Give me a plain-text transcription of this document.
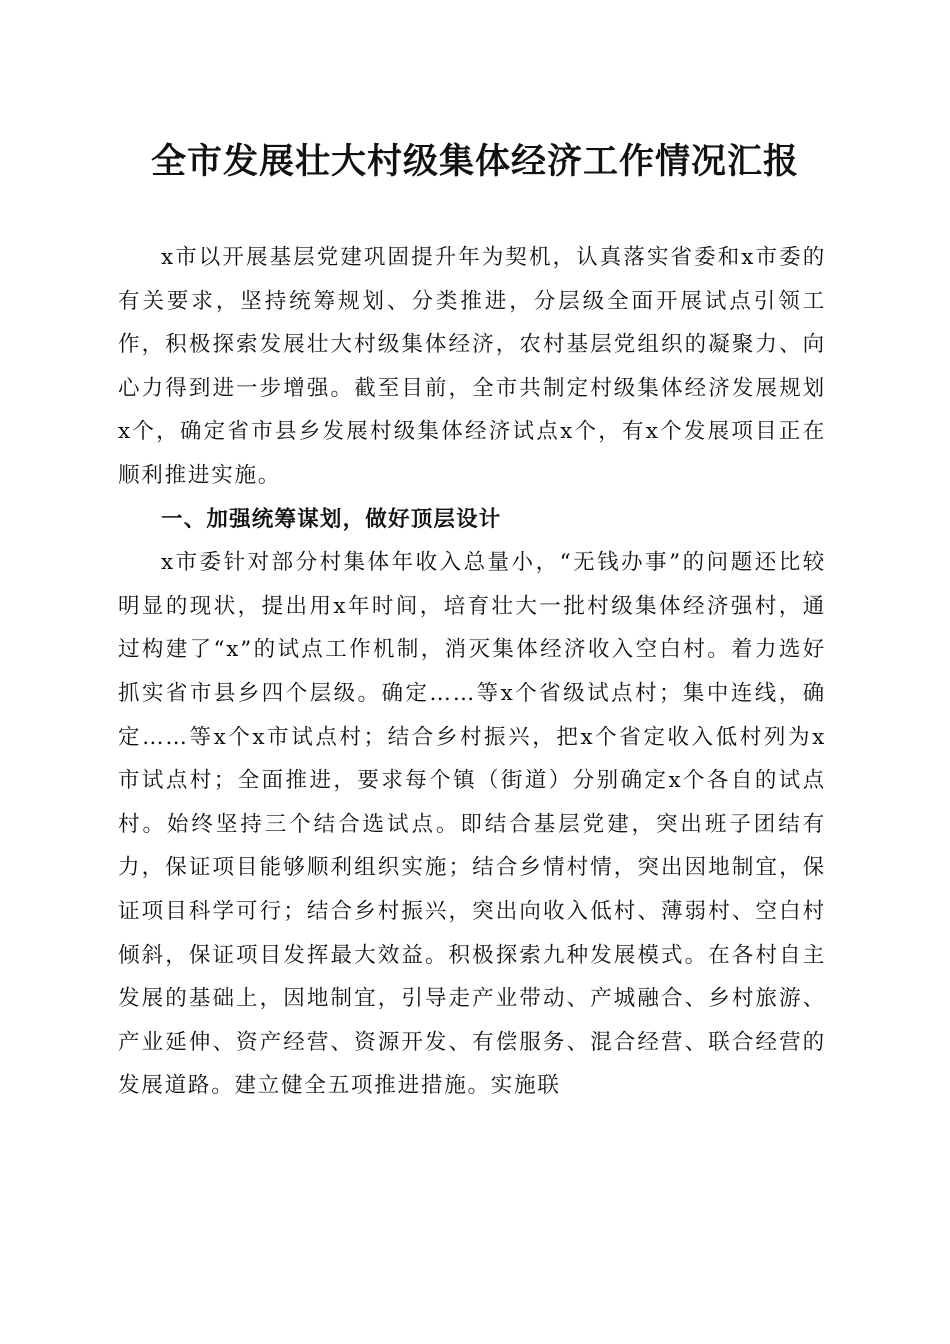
全市发展壮大村级集体经济工作情况汇报

x市以开展基层党建巩固提升年为契机，认真落实省委和x市委的有关要求，坚持统筹规划、分类推进，分层级全面开展试点引领工作，积极探索发展壮大村级集体经济，农村基层党组织的凝聚力、向心力得到进一步增强。截至目前，全市共制定村级集体经济发展规划x个，确定省市县乡发展村级集体经济试点x个，有x个发展项目正在顺利推进实施。

一、加强统筹谋划，做好顶层设计

x市委针对部分村集体年收入总量小，“无钱办事”的问题还比较明显的现状，提出用x年时间，培育壮大一批村级集体经济强村，通过构建了“x”的试点工作机制，消灭集体经济收入空白村。着力选好抓实省市县乡四个层级。确定……等x个省级试点村；集中连线，确定……等x个x市试点村；结合乡村振兴，把x个省定收入低村列为x市试点村；全面推进，要求每个镇（街道）分别确定x个各自的试点村。始终坚持三个结合选试点。即结合基层党建，突出班子团结有力，保证项目能够顺利组织实施；结合乡情村情，突出因地制宜，保证项目科学可行；结合乡村振兴，突出向收入低村、薄弱村、空白村倾斜，保证项目发挥最大效益。积极探索九种发展模式。在各村自主发展的基础上，因地制宜，引导走产业带动、产城融合、乡村旅游、产业延伸、资产经营、资源开发、有偿服务、混合经营、联合经营的发展道路。建立健全五项推进措施。实施联
